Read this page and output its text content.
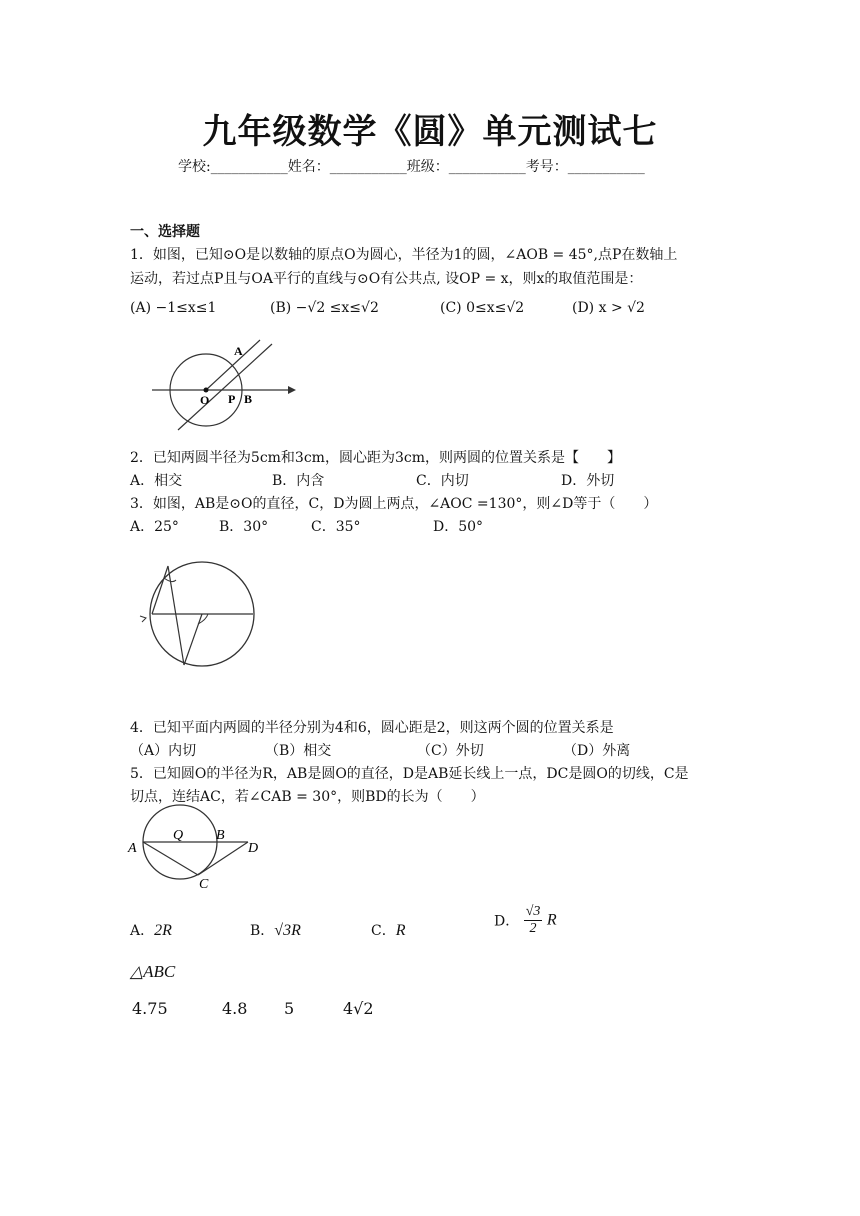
九年级数学《圆》单元测试七
学校:___________姓名：___________班级：___________考号：___________
一、选择题
1．如图，已知⊙O是以数轴的原点O为圆心，半径为1的圆，∠AOB = 45°,点P在数轴上
运动，若过点P且与OA平行的直线与⊙O有公共点, 设OP = x，则x的取值范围是：
(A) −1≤x≤1	(B) −√2 ≤x≤√2	(C) 0≤x≤√2	(D) x > √2
A
O P B
2．已知两圆半径为5cm和3cm，圆心距为3cm，则两圆的位置关系是【　　】
A．相交	B．内含	C．内切	D．外切
3．如图，AB是⊙O的直径，C，D为圆上两点，∠AOC =130°，则∠D等于（　　）
A．25°	B．30°	C．35°	D．50°
4．已知平面内两圆的半径分别为4和6，圆心距是2，则这两个圆的位置关系是
（A）内切	（B）相交	（C）外切	（D）外离
5．已知圆O的半径为R，AB是圆O的直径，D是AB延长线上一点，DC是圆O的切线，C是
切点，连结AC，若∠CAB = 30°，则BD的长为（　　）
Q B
A	D
C
A．2R	B．√3R	C．R
D． $\frac{√3}{2}$ R
△ABC
4.75	4.8 5	4√2
